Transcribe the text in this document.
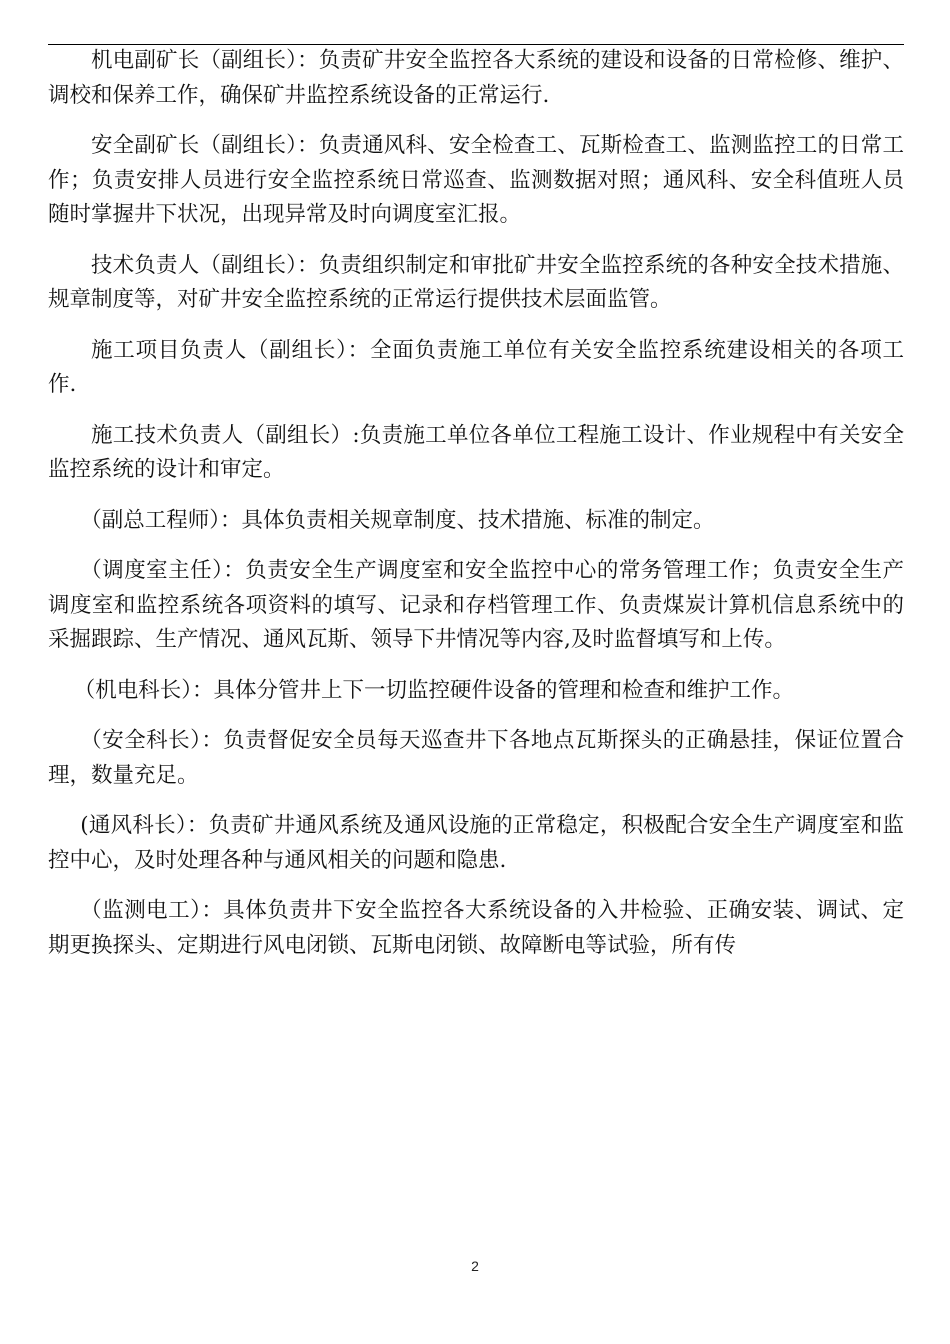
机电副矿长（副组长）：负责矿井安全监控各大系统的建设和设备的日常检修、维护、调校和保养工作，确保矿井监控系统设备的正常运行.

安全副矿长（副组长）：负责通风科、安全检查工、瓦斯检查工、监测监控工的日常工作；负责安排人员进行安全监控系统日常巡查、监测数据对照；通风科、安全科值班人员随时掌握井下状况，出现异常及时向调度室汇报。

技术负责人（副组长）：负责组织制定和审批矿井安全监控系统的各种安全技术措施、规章制度等，对矿井安全监控系统的正常运行提供技术层面监管。

施工项目负责人（副组长）：全面负责施工单位有关安全监控系统建设相关的各项工作.

施工技术负责人（副组长）:负责施工单位各单位工程施工设计、作业规程中有关安全监控系统的设计和审定。

（副总工程师）：具体负责相关规章制度、技术措施、标准的制定。

（调度室主任）：负责安全生产调度室和安全监控中心的常务管理工作；负责安全生产调度室和监控系统各项资料的填写、记录和存档管理工作、负责煤炭计算机信息系统中的采掘跟踪、生产情况、通风瓦斯、领导下井情况等内容,及时监督填写和上传。

（机电科长）：具体分管井上下一切监控硬件设备的管理和检查和维护工作。

（安全科长）：负责督促安全员每天巡查井下各地点瓦斯探头的正确悬挂，保证位置合理，数量充足。

(通风科长）：负责矿井通风系统及通风设施的正常稳定，积极配合安全生产调度室和监控中心，及时处理各种与通风相关的问题和隐患.

（监测电工）：具体负责井下安全监控各大系统设备的入井检验、正确安装、调试、定期更换探头、定期进行风电闭锁、瓦斯电闭锁、故障断电等试验，所有传

2
